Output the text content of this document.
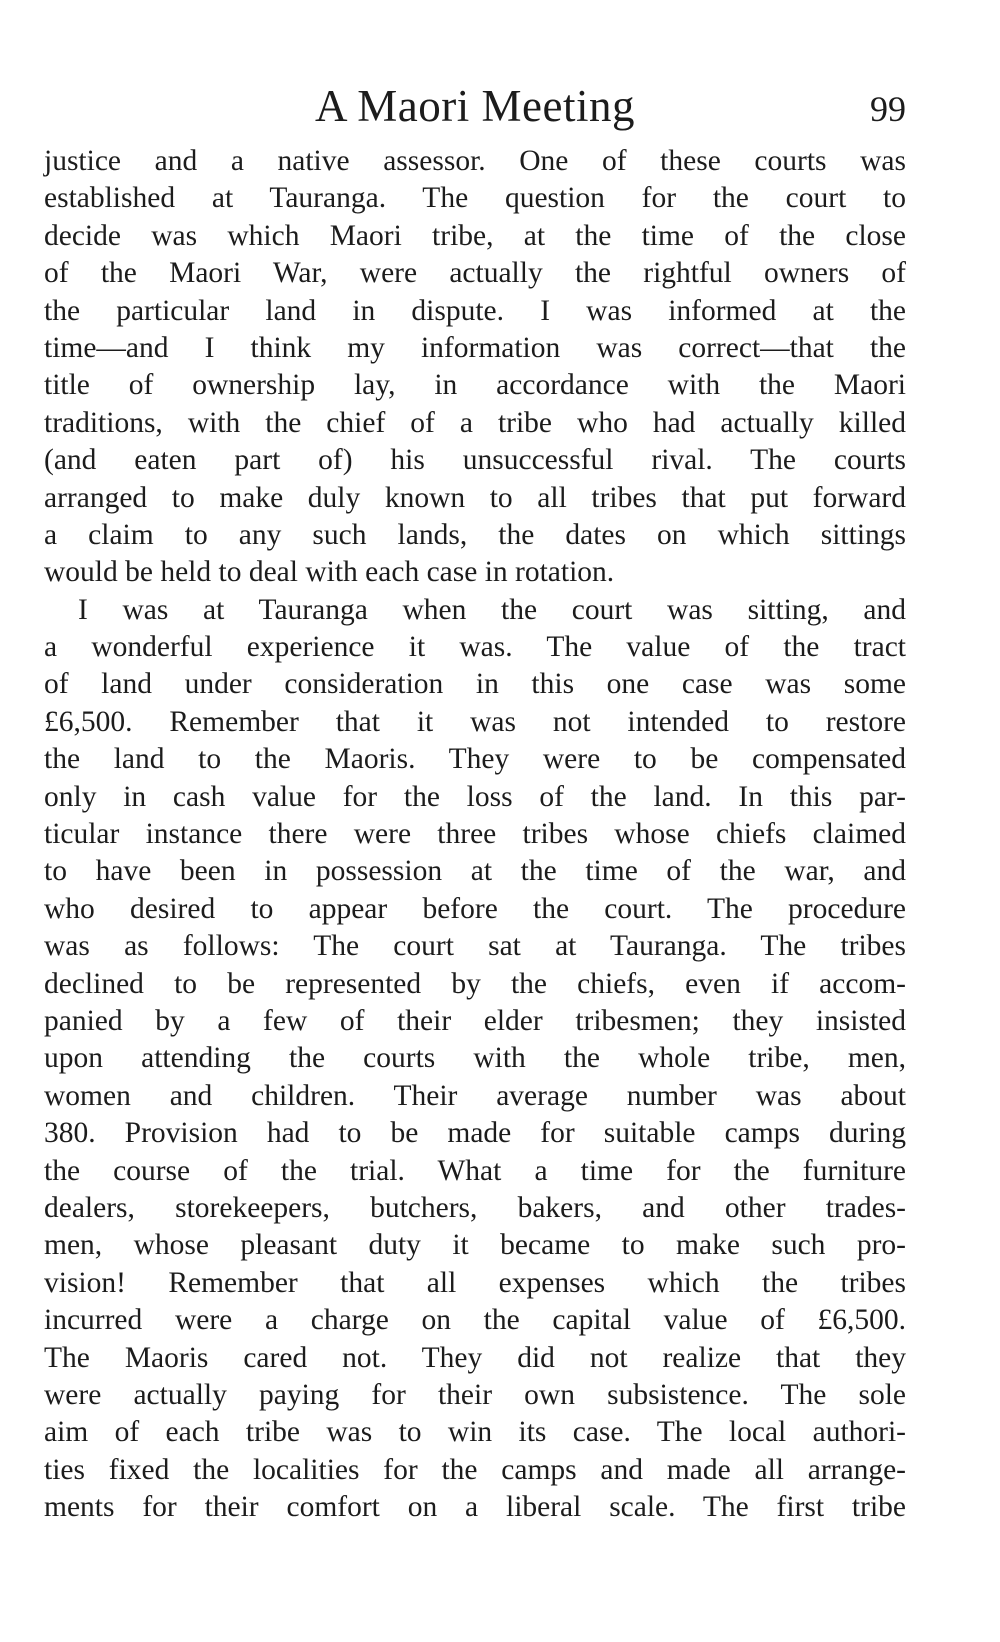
A Maori Meeting	99
justice and a native assessor. One of these courts was
established at Tauranga. The question for the court to
decide was which Maori tribe, at the time of the close
of the Maori War, were actually the rightful owners of
the particular land in dispute. I was informed at the
time—and I think my information was correct—that the
title of ownership lay, in accordance with the Maori
traditions, with the chief of a tribe who had actually killed
(and eaten part of) his unsuccessful rival. The courts
arranged to make duly known to all tribes that put forward
a claim to any such lands, the dates on which sittings
would be held to deal with each case in rotation.
I was at Tauranga when the court was sitting, and
a wonderful experience it was. The value of the tract
of land under consideration in this one case was some
£6,500. Remember that it was not intended to restore
the land to the Maoris. They were to be compensated
only in cash value for the loss of the land. In this par-
ticular instance there were three tribes whose chiefs claimed
to have been in possession at the time of the war, and
who desired to appear before the court. The procedure
was as follows: The court sat at Tauranga. The tribes
declined to be represented by the chiefs, even if accom-
panied by a few of their elder tribesmen; they insisted
upon attending the courts with the whole tribe, men,
women and children. Their average number was about
380. Provision had to be made for suitable camps during
the course of the trial. What a time for the furniture
dealers, storekeepers, butchers, bakers, and other trades-
men, whose pleasant duty it became to make such pro-
vision! Remember that all expenses which the tribes
incurred were a charge on the capital value of £6,500.
The Maoris cared not. They did not realize that they
were actually paying for their own subsistence. The sole
aim of each tribe was to win its case. The local authori-
ties fixed the localities for the camps and made all arrange-
ments for their comfort on a liberal scale. The first tribe
